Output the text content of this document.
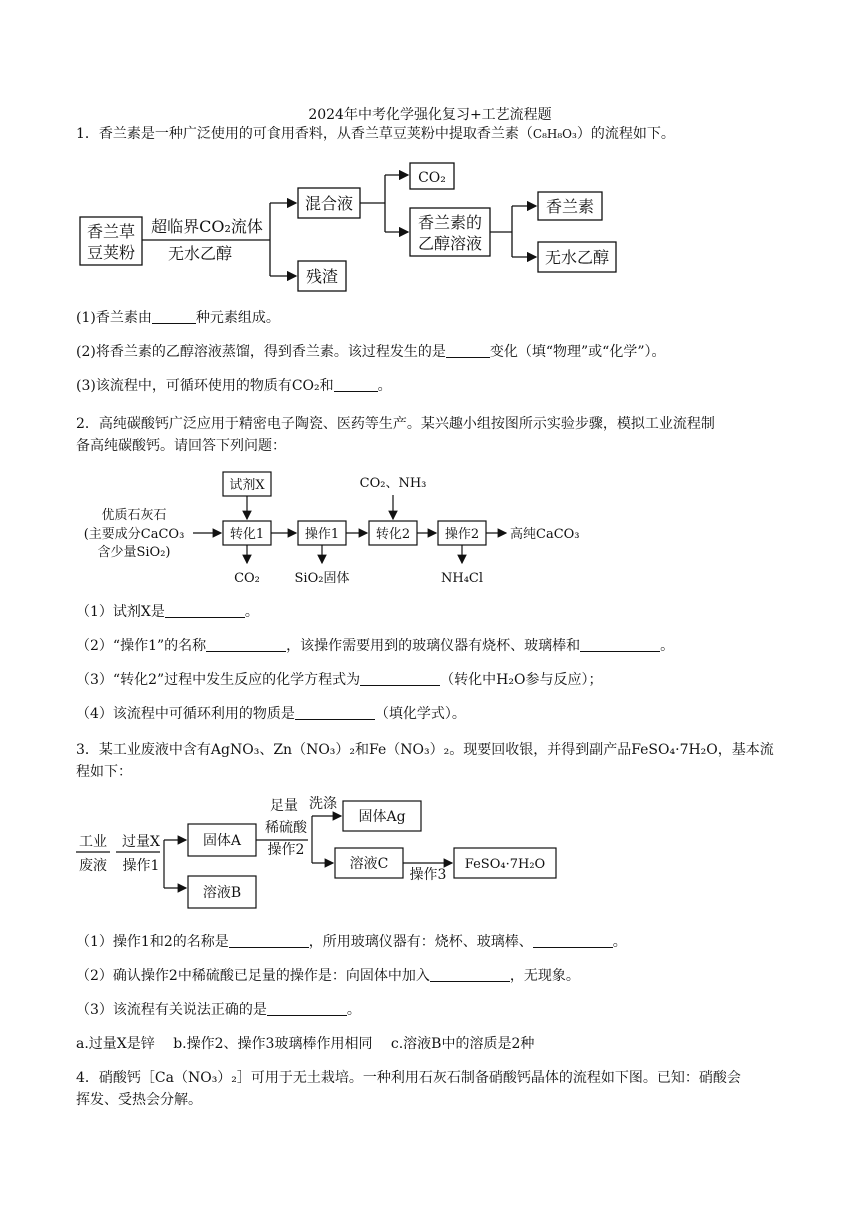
2024年中考化学强化复习+工艺流程题
1．香兰素是一种广泛使用的可食用香料，从香兰草豆荚粉中提取香兰素（C₈H₈O₃）的流程如下。
香兰草
豆荚粉
超临界CO₂流体
无水乙醇
混合液
残渣
CO₂
香兰素的
乙醇溶液
香兰素
无水乙醇
(1)香兰素由	种元素组成。
(2)将香兰素的乙醇溶液蒸馏，得到香兰素。该过程发生的是	变化（填“物理”或“化学”）。
(3)该流程中，可循环使用的物质有CO₂和	。
2．高纯碳酸钙广泛应用于精密电子陶瓷、医药等生产。某兴趣小组按图所示实验步骤，模拟工业流程制
备高纯碳酸钙。请回答下列问题：
优质石灰石
(主要成分CaCO₃
含少量SiO₂)
试剂X	CO₂、NH₃
转化1	操作1	转化2	操作2 高纯CaCO₃
CO₂	SiO₂固体	NH₄Cl
（1）试剂X是	。
（2）“操作1”的名称	，该操作需要用到的玻璃仪器有烧杯、玻璃棒和	。
（3）“转化2”过程中发生反应的化学方程式为	（转化中H₂O参与反应）；
（4）该流程中可循环利用的物质是	（填化学式）。
3．某工业废液中含有AgNO₃、Zn（NO₃）₂和Fe（NO₃）₂。现要回收银，并得到副产品FeSO₄·7H₂O，基本流
程如下：
工业
废液
过量X
操作1
固体A
溶液B
足量
稀硫酸
操作2
洗涤
固体Ag
溶液C
操作3
FeSO₄·7H₂O
（1）操作1和2的名称是	，所用玻璃仪器有：烧杯、玻璃棒、	。
（2）确认操作2中稀硫酸已足量的操作是：向固体中加入	，无现象。
（3）该流程有关说法正确的是	。
a.过量X是锌　 b.操作2、操作3玻璃棒作用相同　 c.溶液B中的溶质是2种
4．硝酸钙［Ca（NO₃）₂］可用于无土栽培。一种利用石灰石制备硝酸钙晶体的流程如下图。已知：硝酸会
挥发、受热会分解。
